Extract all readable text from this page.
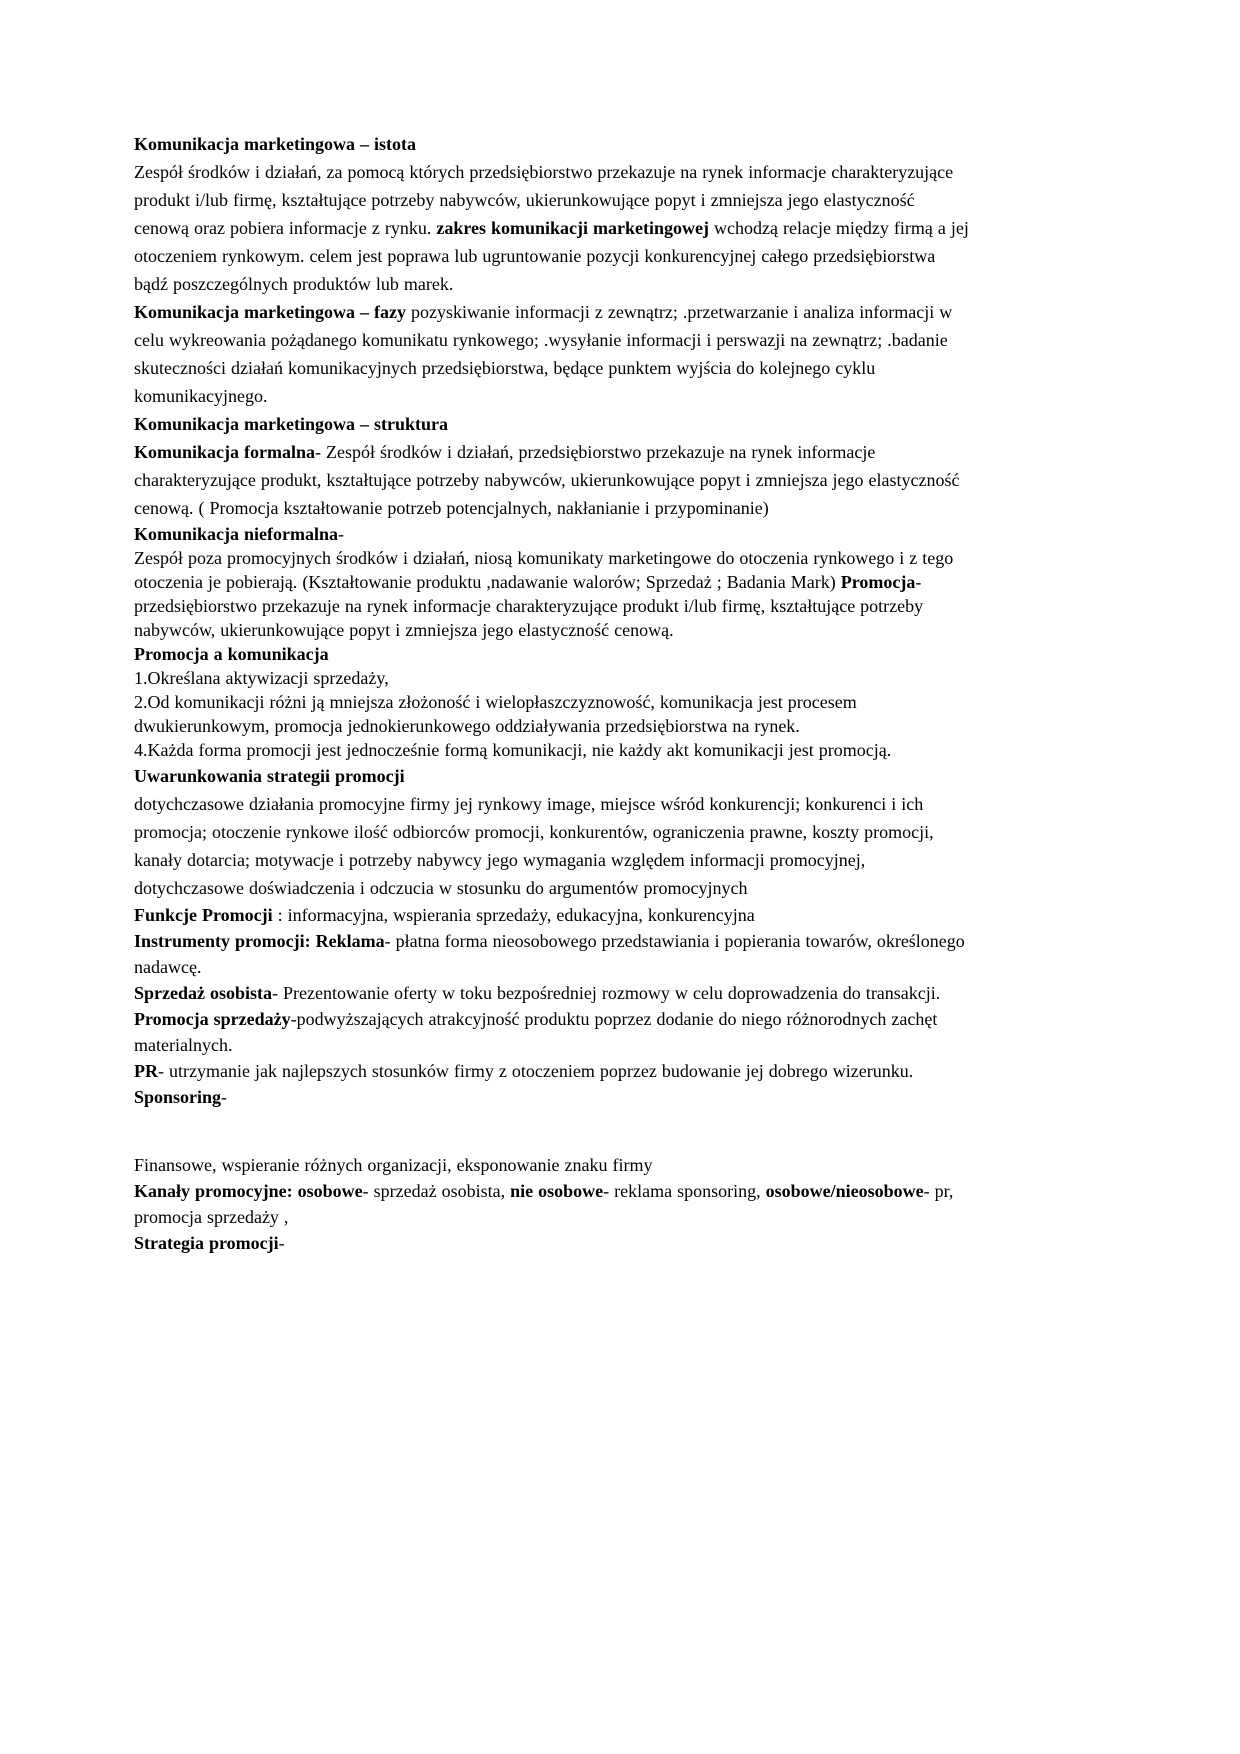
Komunikacja marketingowa – istota

Zespół środków i działań, za pomocą których przedsiębiorstwo przekazuje na rynek informacje charakteryzujące produkt i/lub firmę, kształtujące potrzeby nabywców, ukierunkowujące popyt i zmniejsza jego elastyczność cenową oraz pobiera informacje z rynku. zakres komunikacji marketingowej wchodzą relacje między firmą a jej otoczeniem rynkowym. celem jest poprawa lub ugruntowanie pozycji konkurencyjnej całego przedsiębiorstwa bądź poszczególnych produktów lub marek.

Komunikacja marketingowa – fazy pozyskiwanie informacji z zewnątrz; .przetwarzanie i analiza informacji w celu wykreowania pożądanego komunikatu rynkowego; .wysyłanie informacji i perswazji na zewnątrz; .badanie skuteczności działań komunikacyjnych przedsiębiorstwa, będące punktem wyjścia do kolejnego cyklu komunikacyjnego.

Komunikacja marketingowa – struktura

Komunikacja formalna- Zespół środków i działań, przedsiębiorstwo przekazuje na rynek informacje charakteryzujące produkt, kształtujące potrzeby nabywców, ukierunkowujące popyt i zmniejsza jego elastyczność cenową. ( Promocja kształtowanie potrzeb potencjalnych, nakłanianie i przypominanie)

Komunikacja nieformalna-

Zespół poza promocyjnych środków i działań, niosą komunikaty marketingowe do otoczenia rynkowego i z tego otoczenia je pobierają. (Kształtowanie produktu ,nadawanie walorów; Sprzedaż ; Badania Mark) Promocja-

przedsiębiorstwo przekazuje na rynek informacje charakteryzujące produkt i/lub firmę, kształtujące potrzeby nabywców, ukierunkowujące popyt i zmniejsza jego elastyczność cenową.

Promocja a komunikacja

1.Określana aktywizacji sprzedaży,

2.Od komunikacji różni ją mniejsza złożoność i wielopłaszczyznowość, komunikacja jest procesem dwukierunkowym, promocja jednokierunkowego oddziaływania przedsiębiorstwa na rynek.

4.Każda forma promocji jest jednocześnie formą komunikacji, nie każdy akt komunikacji jest promocją.

Uwarunkowania strategii promocji

dotychczasowe działania promocyjne firmy jej rynkowy image, miejsce wśród konkurencji; konkurenci i ich promocja; otoczenie rynkowe ilość odbiorców promocji, konkurentów, ograniczenia prawne, koszty promocji, kanały dotarcia; motywacje i potrzeby nabywcy jego wymagania względem informacji promocyjnej, dotychczasowe doświadczenia i odczucia w stosunku do argumentów promocyjnych

Funkcje Promocji : informacyjna, wspierania sprzedaży, edukacyjna, konkurencyjna

Instrumenty promocji: Reklama- płatna forma nieosobowego przedstawiania i popierania towarów, określonego nadawcę.

Sprzedaż osobista- Prezentowanie oferty w toku bezpośredniej rozmowy w celu doprowadzenia do transakcji.

Promocja sprzedaży-podwyższających atrakcyjność produktu poprzez dodanie do niego różnorodnych zachęt materialnych.

PR- utrzymanie jak najlepszych stosunków firmy z otoczeniem poprzez budowanie jej dobrego wizerunku. Sponsoring-

Finansowe, wspieranie różnych organizacji, eksponowanie znaku firmy

Kanały promocyjne: osobowe- sprzedaż osobista, nie osobowe- reklama sponsoring, osobowe/nieosobowe- pr, promocja sprzedaży ,

Strategia promocji-
